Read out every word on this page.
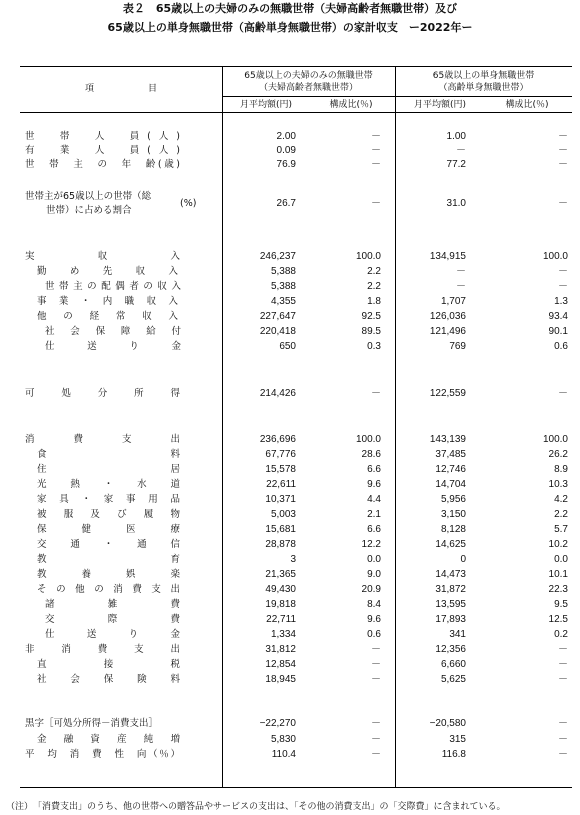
表２　65歳以上の夫婦のみの無職世帯（夫婦高齢者無職世帯）及び
65歳以上の単身無職世帯（高齢単身無職世帯）の家計収支　ー2022年ー
項　　　　　　目
65歳以上の夫婦のみの無職世帯
（夫婦高齢者無職世帯）
65歳以上の単身無職世帯
（高齢単身無職世帯）
月平均額(円)	構成比(％)	月平均額(円)	構成比(％)
世　帯　人　員(人)	2.00	－	1.00	－
有　業　人　員(人)	0.09	－	－	－
世　帯　主　の　年　齢(歳)	76.9	－	77.2	－
世帯主が65歳以上の世帯（総
世帯）に占める割合
(%)	26.7	－	31.0	－
実　　　　収　　　　入	246,237	100.0	134,915	100.0
勤　め　先　収　入	5,388	2.2	－	－
世帯主の配偶者の収入	5,388	2.2	－	－
事業・内職収入	4,355	1.8	1,707	1.3
他　の　経　常　収　入	227,647	92.5	126,036	93.4
社　会　保　障　給　付	220,418	89.5	121,496	90.1
仕　　送　　り　　金	650	0.3	769	0.6
可　　処　　分　　所　　得	214,426	－	122,559	－
消　　　費　　　支　　　出	236,696	100.0	143,139	100.0
食　　　　　　　料	67,776	28.6	37,485	26.2
住　　　　　　　居	15,578	6.6	12,746	8.9
光　熱　・　水　道	22,611	9.6	14,704	10.3
家具・家事用品	10,371	4.4	5,956	4.2
被服及び履物	5,003	2.1	3,150	2.2
保　　健　　医　　療	15,681	6.6	8,128	5.7
交　通　・　通　信	28,878	12.2	14,625	10.2
教　　　　　　　育	3	0.0	0	0.0
教　　養　　娯　　楽	21,365	9.0	14,473	10.1
その他の消費支出	49,430	20.9	31,872	22.3
諸　　　雑　　　費	19,818	8.4	13,595	9.5
交　　　際　　　費	22,711	9.6	17,893	12.5
仕　　送　　り　　金	1,334	0.6	341	0.2
非　消　費　支　出	31,812	－	12,356	－
直　　　接　　　税	12,854	－	6,660	－
社　会　保　険　料	18,945	－	5,625	－
黒字［可処分所得－消費支出］	−22,270	－	−20,580	－
金　融　資　産　純　増	5,830	－	315	－
平　均　消　費　性　向（％）	110.4	－	116.8	－
（注）　「消費支出」のうち、他の世帯への贈答品やサービスの支出は、「その他の消費支出」の「交際費」に含まれている。
